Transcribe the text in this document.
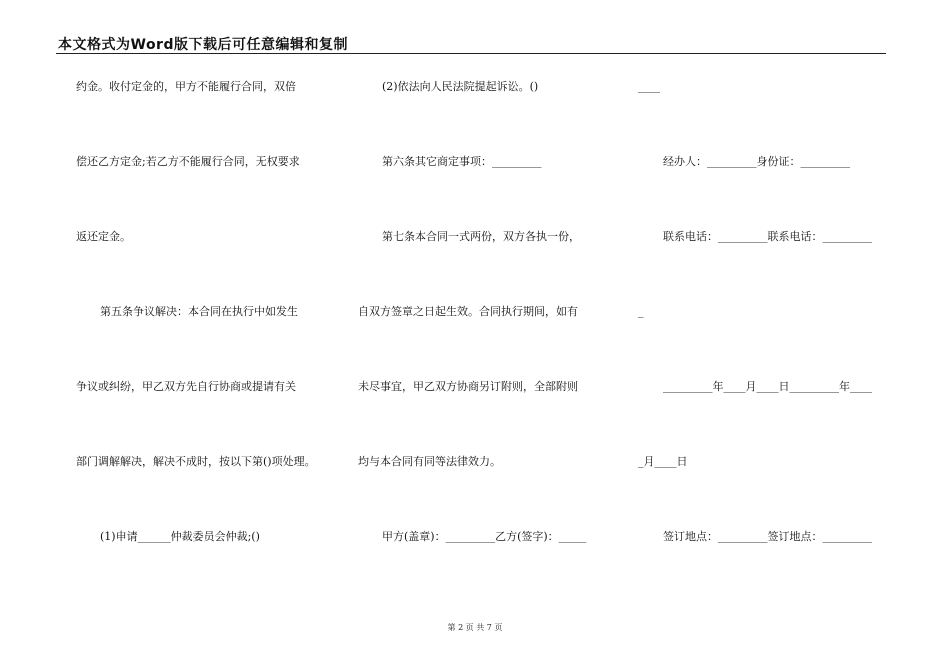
本文格式为Word版下载后可任意编辑和复制
约金。收付定金的，甲方不能履行合同，双倍
偿还乙方定金;若乙方不能履行合同，无权要求
返还定金。
第五条争议解决：本合同在执行中如发生
争议或纠纷，甲乙双方先自行协商或提请有关
部门调解解决，解决不成时，按以下第()项处理。
(1)申请______仲裁委员会仲裁;()
(2)依法向人民法院提起诉讼。()
第六条其它商定事项：_________
第七条本合同一式两份，双方各执一份，
自双方签章之日起生效。合同执行期间，如有
未尽事宜，甲乙双方协商另订附则，全部附则
均与本合同有同等法律效力。
甲方(盖章)：_________乙方(签字)：_____
____
经办人：_________身份证：_________
联系电话：_________联系电话：_________
_
_________年____月____日_________年____
_月____日
签订地点：_________签订地点：_________
第 2 页 共 7 页
